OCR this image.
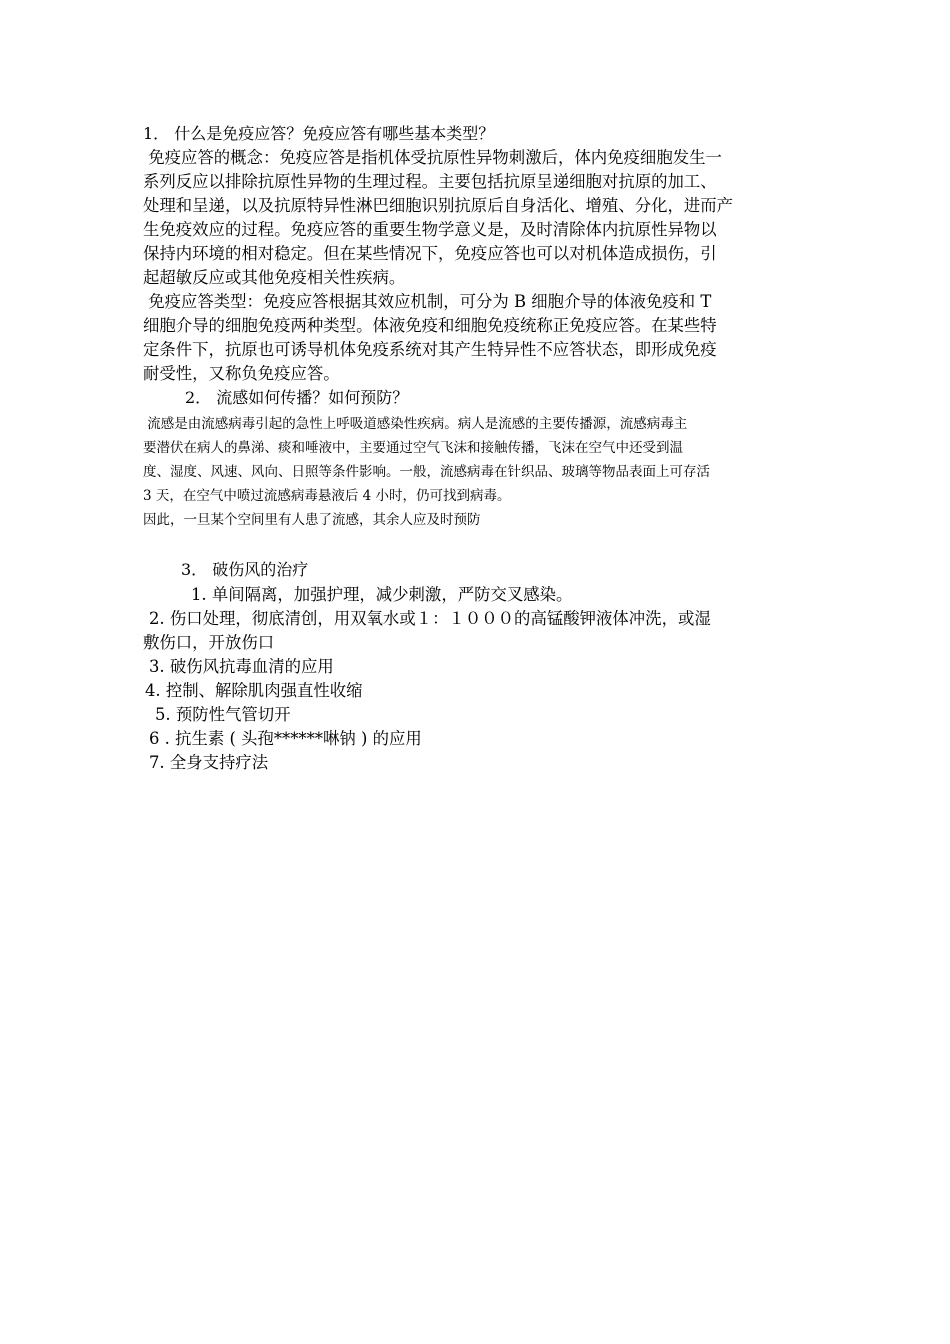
1． 什么是免疫应答？免疫应答有哪些基本类型？
免疫应答的概念：免疫应答是指机体受抗原性异物刺激后，体内免疫细胞发生一
系列反应以排除抗原性异物的生理过程。主要包括抗原呈递细胞对抗原的加工、
处理和呈递，以及抗原特异性淋巴细胞识别抗原后自身活化、增殖、分化，进而产
生免疫效应的过程。免疫应答的重要生物学意义是，及时清除体内抗原性异物以
保持内环境的相对稳定。但在某些情况下，免疫应答也可以对机体造成损伤，引
起超敏反应或其他免疫相关性疾病。
免疫应答类型：免疫应答根据其效应机制，可分为 B 细胞介导的体液免疫和 T
细胞介导的细胞免疫两种类型。体液免疫和细胞免疫统称正免疫应答。在某些特
定条件下，抗原也可诱导机体免疫系统对其产生特异性不应答状态，即形成免疫
耐受性，又称负免疫应答。
2． 流感如何传播？如何预防？
流感是由流感病毒引起的急性上呼吸道感染性疾病。病人是流感的主要传播源，流感病毒主
要潜伏在病人的鼻涕、痰和唾液中，主要通过空气飞沫和接触传播，飞沫在空气中还受到温
度、湿度、风速、风向、日照等条件影响。一般，流感病毒在针织品、玻璃等物品表面上可存活
3 天，在空气中喷过流感病毒悬液后 4 小时，仍可找到病毒。
因此，一旦某个空间里有人患了流感，其余人应及时预防
3． 破伤风的治疗
1. 单间隔离，加强护理，减少刺激，严防交叉感染。
2. 伤口处理，彻底清创，用双氧水或１：１０００的高锰酸钾液体冲洗，或湿
敷伤口，开放伤口
3. 破伤风抗毒血清的应用
4. 控制、解除肌肉强直性收缩
5. 预防性气管切开
6 . 抗生素 ( 头孢******啉钠 ) 的应用
7. 全身支持疗法
